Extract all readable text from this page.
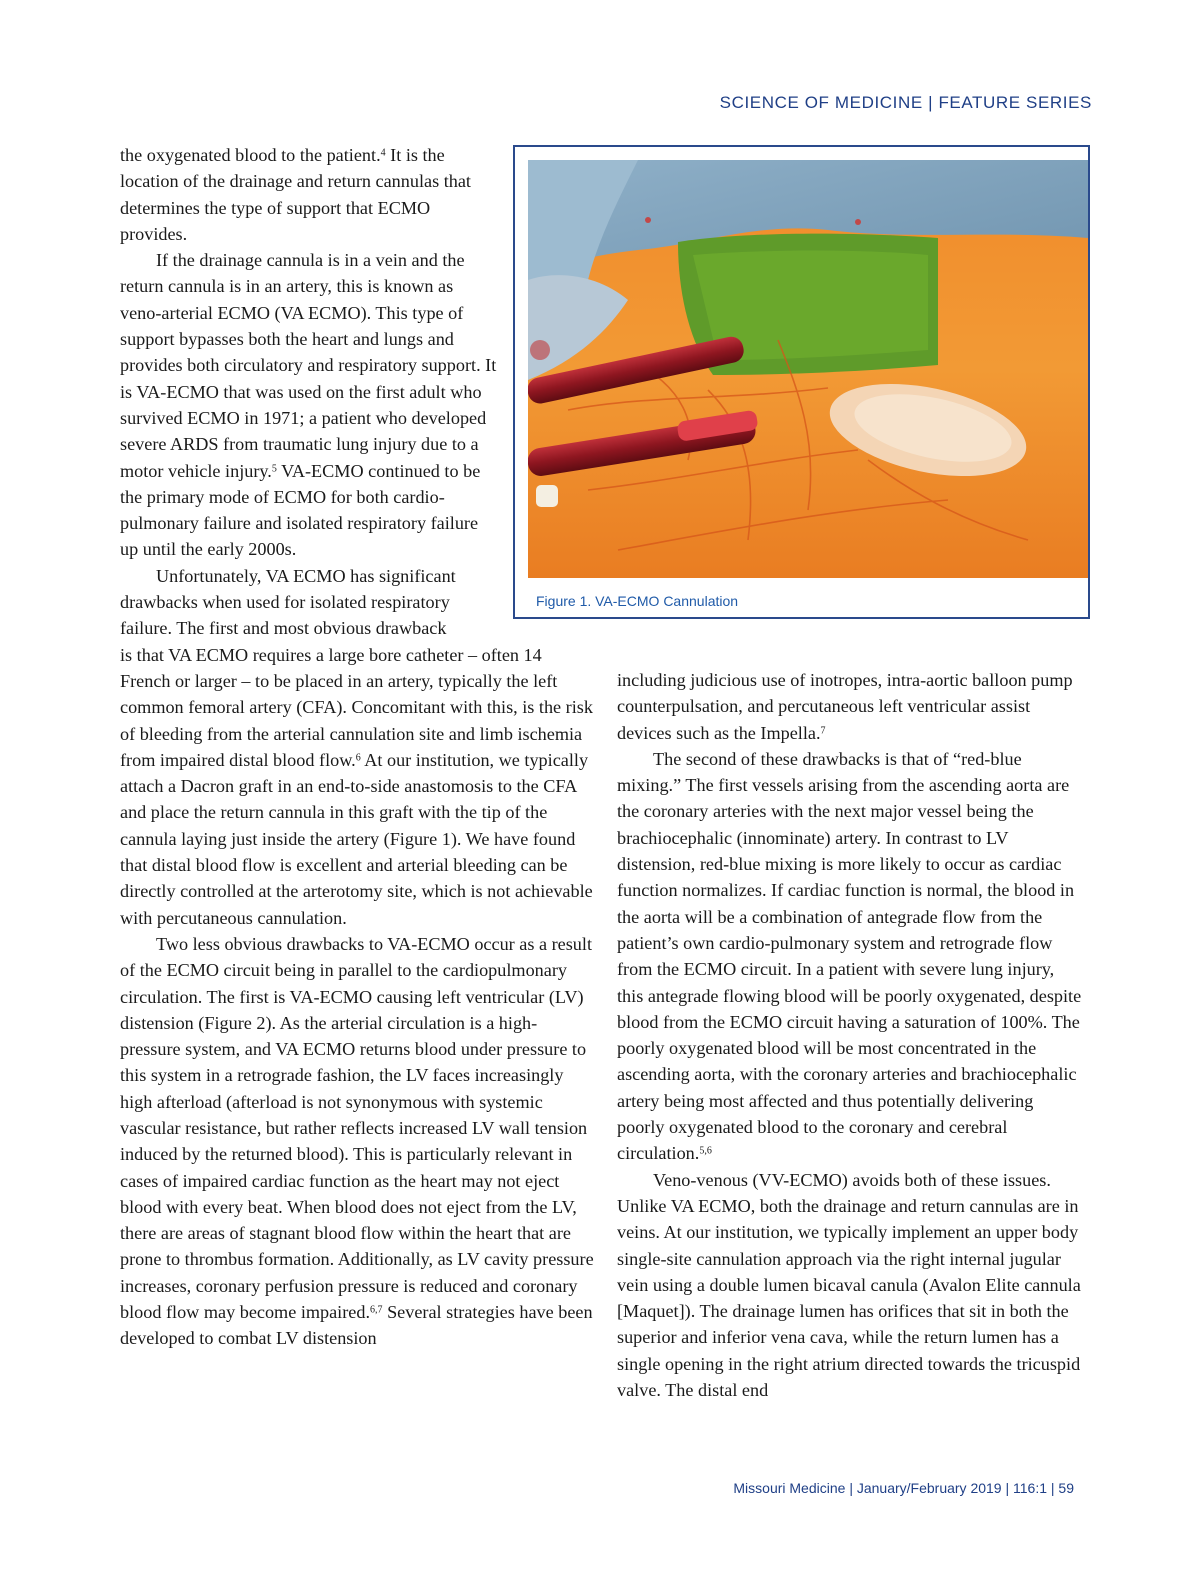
SCIENCE OF MEDICINE | FEATURE SERIES
Figure 1. VA-ECMO Cannulation

the oxygenated blood to the patient.$^4$ It is the location of the drainage and return cannulas that determines the type of support that ECMO provides.

If the drainage cannula is in a vein and the return cannula is in an artery, this is known as veno-arterial ECMO (VA ECMO). This type of support bypasses both the heart and lungs and provides both circulatory and respiratory support. It is VA-ECMO that was used on the first adult who survived ECMO in 1971; a patient who developed severe ARDS from traumatic lung injury due to a motor vehicle injury.$^5$ VA-ECMO continued to be the primary mode of ECMO for both cardio-pulmonary failure and isolated respiratory failure up until the early 2000s.

Unfortunately, VA ECMO has significant drawbacks when used for isolated respiratory failure. The first and most obvious drawback

is that VA ECMO requires a large bore catheter – often 14 French or larger – to be placed in an artery, typically the left common femoral artery (CFA). Concomitant with this, is the risk of bleeding from the arterial cannulation site and limb ischemia from impaired distal blood flow.$^6$ At our institution, we typically attach a Dacron graft in an end-to-side anastomosis to the CFA and place the return cannula in this graft with the tip of the cannula laying just inside the artery (Figure 1). We have found that distal blood flow is excellent and arterial bleeding can be directly controlled at the arterotomy site, which is not achievable with percutaneous cannulation.

Two less obvious drawbacks to VA-ECMO occur as a result of the ECMO circuit being in parallel to the cardiopulmonary circulation. The first is VA-ECMO causing left ventricular (LV) distension (Figure 2). As the arterial circulation is a high-pressure system, and VA ECMO returns blood under pressure to this system in a retrograde fashion, the LV faces increasingly high afterload (afterload is not synonymous with systemic vascular resistance, but rather reflects increased LV wall tension induced by the returned blood). This is particularly relevant in cases of impaired cardiac function as the heart may not eject blood with every beat. When blood does not eject from the LV, there are areas of stagnant blood flow within the heart that are prone to thrombus formation. Additionally, as LV cavity pressure increases, coronary perfusion pressure is reduced and coronary blood flow may become impaired.$^{6,7}$ Several strategies have been developed to combat LV distension

including judicious use of inotropes, intra-aortic balloon pump counterpulsation, and percutaneous left ventricular assist devices such as the Impella.$^7$

The second of these drawbacks is that of “red-blue mixing.” The first vessels arising from the ascending aorta are the coronary arteries with the next major vessel being the brachiocephalic (innominate) artery. In contrast to LV distension, red-blue mixing is more likely to occur as cardiac function normalizes. If cardiac function is normal, the blood in the aorta will be a combination of antegrade flow from the patient’s own cardio-pulmonary system and retrograde flow from the ECMO circuit. In a patient with severe lung injury, this antegrade flowing blood will be poorly oxygenated, despite blood from the ECMO circuit having a saturation of 100%. The poorly oxygenated blood will be most concentrated in the ascending aorta, with the coronary arteries and brachiocephalic artery being most affected and thus potentially delivering poorly oxygenated blood to the coronary and cerebral circulation.$^{5,6}$

Veno-venous (VV-ECMO) avoids both of these issues. Unlike VA ECMO, both the drainage and return cannulas are in veins. At our institution, we typically implement an upper body single-site cannulation approach via the right internal jugular vein using a double lumen bicaval canula (Avalon Elite cannula [Maquet]). The drainage lumen has orifices that sit in both the superior and inferior vena cava, while the return lumen has a single opening in the right atrium directed towards the tricuspid valve. The distal end

Missouri Medicine | January/February 2019 | 116:1 | 59
